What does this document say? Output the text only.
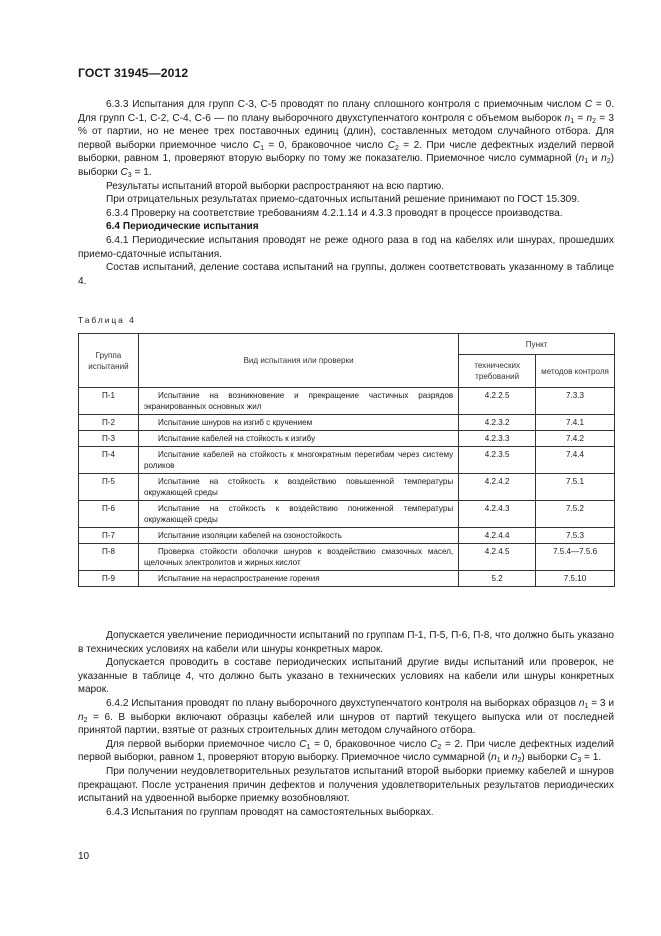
ГОСТ 31945—2012

6.3.3 Испытания для групп С-3, С-5 проводят по плану сплошного контроля с приемочным числом C = 0. Для групп С-1, С-2, С-4, С-6 — по плану выборочного двухступенчатого контроля с объемом выборок $n_1 = n_2 = 3$ % от партии, но не менее трех поставочных единиц (длин), составленных методом случайного отбора. Для первой выборки приемочное число $C_1 = 0$, браковочное число $C_2 = 2$. При числе дефектных изделий первой выборки, равном 1, проверяют вторую выборку по тому же показателю. Приемочное число суммарной ($n_1$ и $n_2$) выборки $C_3 = 1$.

Результаты испытаний второй выборки распространяют на всю партию.

При отрицательных результатах приемо-сдаточных испытаний решение принимают по ГОСТ 15.309.

6.3.4 Проверку на соответствие требованиям 4.2.1.14 и 4.3.3 проводят в процессе производства.

6.4 Периодические испытания

6.4.1 Периодические испытания проводят не реже одного раза в год на кабелях или шнурах, прошедших приемо-сдаточные испытания.

Состав испытаний, деление состава испытаний на группы, должен соответствовать указанному в таблице 4.

Таблица 4
Группа испытаний	Вид испытания или проверки	Пункт	
		технических требований	методов контроля
П-1	Испытание на возникновение и прекращение частичных разрядов экранированных основных жил	4.2.2.5	7.3.3
П-2	Испытание шнуров на изгиб с кручением	4.2.3.2	7.4.1
П-3	Испытание кабелей на стойкость к изгибу	4.2.3.3	7.4.2
П-4	Испытание кабелей на стойкость к многократным перегибам через систему роликов	4.2.3.5	7.4.4
П-5	Испытание на стойкость к воздействию повышенной температуры окружающей среды	4.2.4.2	7.5.1
П-6	Испытание на стойкость к воздействию пониженной температуры окружающей среды	4.2.4.3	7.5.2
П-7	Испытание изоляции кабелей на озоностойкость	4.2.4.4	7.5.3
П-8	Проверка стойкости оболочки шнуров к воздействию смазочных масел, щелочных электролитов и жирных кислот	4.2.4.5	7.5.4—7.5.6
П-9	Испытание на нераспространение горения	5.2	7.5.10

Допускается увеличение периодичности испытаний по группам П-1, П-5, П-6, П-8, что должно быть указано в технических условиях на кабели или шнуры конкретных марок.

Допускается проводить в составе периодических испытаний другие виды испытаний или проверок, не указанные в таблице 4, что должно быть указано в технических условиях на кабели или шнуры конкретных марок.

6.4.2 Испытания проводят по плану выборочного двухступенчатого контроля на выборках образцов $n_1 = 3$ и $n_2 = 6$. В выборки включают образцы кабелей или шнуров от партий текущего выпуска или от последней принятой партии, взятые от разных строительных длин методом случайного отбора.

Для первой выборки приемочное число $C_1 = 0$, браковочное число $C_2 = 2$. При числе дефектных изделий первой выборки, равном 1, проверяют вторую выборку. Приемочное число суммарной ($n_1$ и $n_2$) выборки $C_3 = 1$.

При получении неудовлетворительных результатов испытаний второй выборки приемку кабелей и шнуров прекращают. После устранения причин дефектов и получения удовлетворительных результатов периодических испытаний на удвоенной выборке приемку возобновляют.

6.4.3 Испытания по группам проводят на самостоятельных выборках.

10
